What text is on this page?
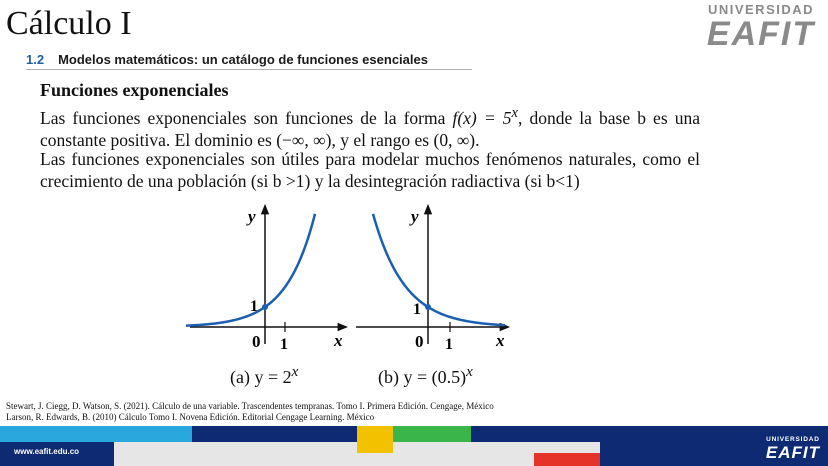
Cálculo I	UNIVERSIDAD
EAFIT
1.2 Modelos matemáticos: un catálogo de funciones esenciales
Funciones exponenciales
Las funciones exponenciales son funciones de la forma $f(x) = 5^x$, donde la base b es una constante positiva. El dominio es (−∞, ∞), y el rango es (0, ∞).
Las funciones exponenciales son útiles para modelar muchos fenómenos naturales, como el crecimiento de una población (si b >1) y la desintegración radiactiva (si b<1)
y
x
0 1
1
y
x
0 1
1
(a) $y = 2^x$	(b) $y = (0.5)^x$
Stewart, J. Ciegg, D. Watson, S. (2021). Cálculo de una variable. Trascendentes tempranas. Tomo I. Primera Edición. Cengage, México
Larson, R. Edwards, B. (2010) Cálculo Tomo I. Novena Edición. Editorial Cengage Learning. México
www.eafit.edu.co
UNIVERSIDAD
EAFIT
